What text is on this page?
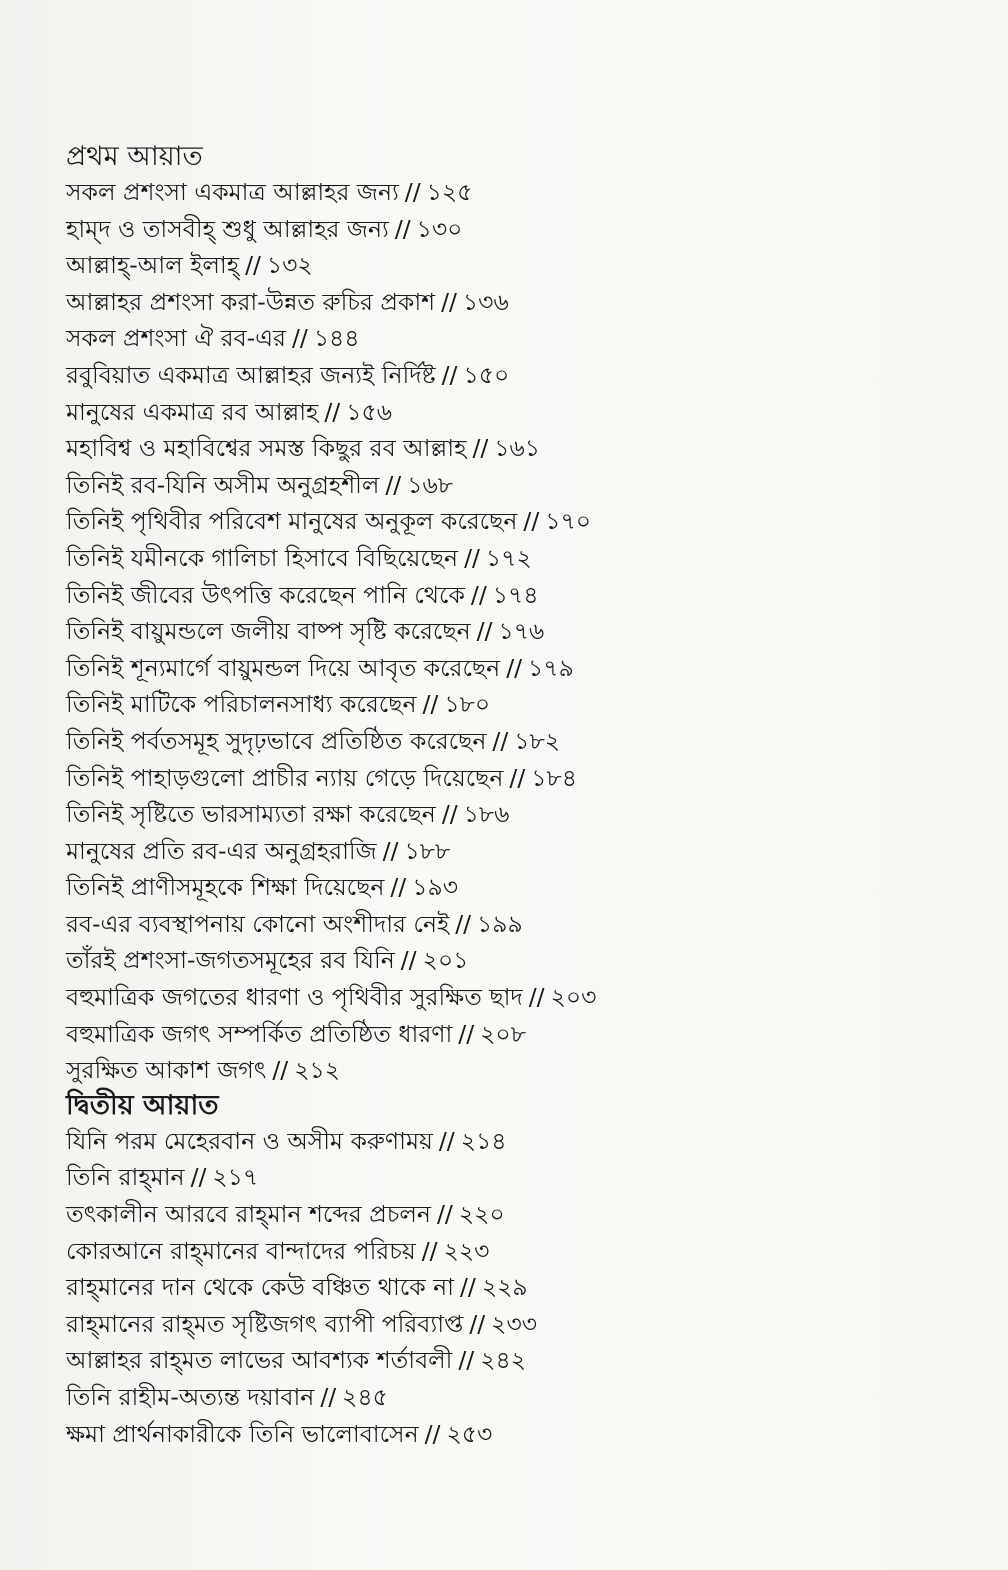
প্রথম আয়াত
সকল প্রশংসা একমাত্র আল্লাহর জন্য // ১২৫
হাম্‌দ ও তাসবীহ্‌ শুধু আল্লাহর জন্য // ১৩০
আল্লাহ্‌-আল ইলাহ্‌ // ১৩২
আল্লাহর প্রশংসা করা-উন্নত রুচির প্রকাশ // ১৩৬
সকল প্রশংসা ঐ রব-এর // ১৪৪
রবুবিয়াত একমাত্র আল্লাহর জন্যই নির্দিষ্ট // ১৫০
মানুষের একমাত্র রব আল্লাহ // ১৫৬
মহাবিশ্ব ও মহাবিশ্বের সমস্ত কিছুর রব আল্লাহ // ১৬১
তিনিই রব-যিনি অসীম অনুগ্রহশীল // ১৬৮
তিনিই পৃথিবীর পরিবেশ মানুষের অনুকূল করেছেন // ১৭০
তিনিই যমীনকে গালিচা হিসাবে বিছিয়েছেন // ১৭২
তিনিই জীবের উৎপত্তি করেছেন পানি থেকে // ১৭৪
তিনিই বায়ুমন্ডলে জলীয় বাষ্প সৃষ্টি করেছেন // ১৭৬
তিনিই শূন্যমার্গে বায়ুমন্ডল দিয়ে আবৃত করেছেন // ১৭৯
তিনিই মাটিকে পরিচালনসাধ্য করেছেন // ১৮০
তিনিই পর্বতসমূহ সুদৃঢ়ভাবে প্রতিষ্ঠিত করেছেন // ১৮২
তিনিই পাহাড়গুলো প্রাচীর ন্যায় গেড়ে দিয়েছেন // ১৮৪
তিনিই সৃষ্টিতে ভারসাম্যতা রক্ষা করেছেন // ১৮৬
মানুষের প্রতি রব-এর অনুগ্রহরাজি // ১৮৮
তিনিই প্রাণীসমূহকে শিক্ষা দিয়েছেন // ১৯৩
রব-এর ব্যবস্থাপনায় কোনো অংশীদার নেই // ১৯৯
তাঁরই প্রশংসা-জগতসমূহের রব যিনি // ২০১
বহুমাত্রিক জগতের ধারণা ও পৃথিবীর সুরক্ষিত ছাদ // ২০৩
বহুমাত্রিক জগৎ সম্পর্কিত প্রতিষ্ঠিত ধারণা // ২০৮
সুরক্ষিত আকাশ জগৎ // ২১২
দ্বিতীয় আয়াত
যিনি পরম মেহেরবান ও অসীম করুণাময় // ২১৪
তিনি রাহ্‌মান // ২১৭
তৎকালীন আরবে রাহ্‌মান শব্দের প্রচলন // ২২০
কোরআনে রাহ্‌মানের বান্দাদের পরিচয় // ২২৩
রাহ্‌মানের দান থেকে কেউ বঞ্চিত থাকে না // ২২৯
রাহ্‌মানের রাহ্‌মত সৃষ্টিজগৎ ব্যাপী পরিব্যাপ্ত // ২৩৩
আল্লাহর রাহ্‌মত লাভের আবশ্যক শর্তাবলী // ২৪২
তিনি রাহীম-অত্যন্ত দয়াবান // ২৪৫
ক্ষমা প্রার্থনাকারীকে তিনি ভালোবাসেন // ২৫৩
